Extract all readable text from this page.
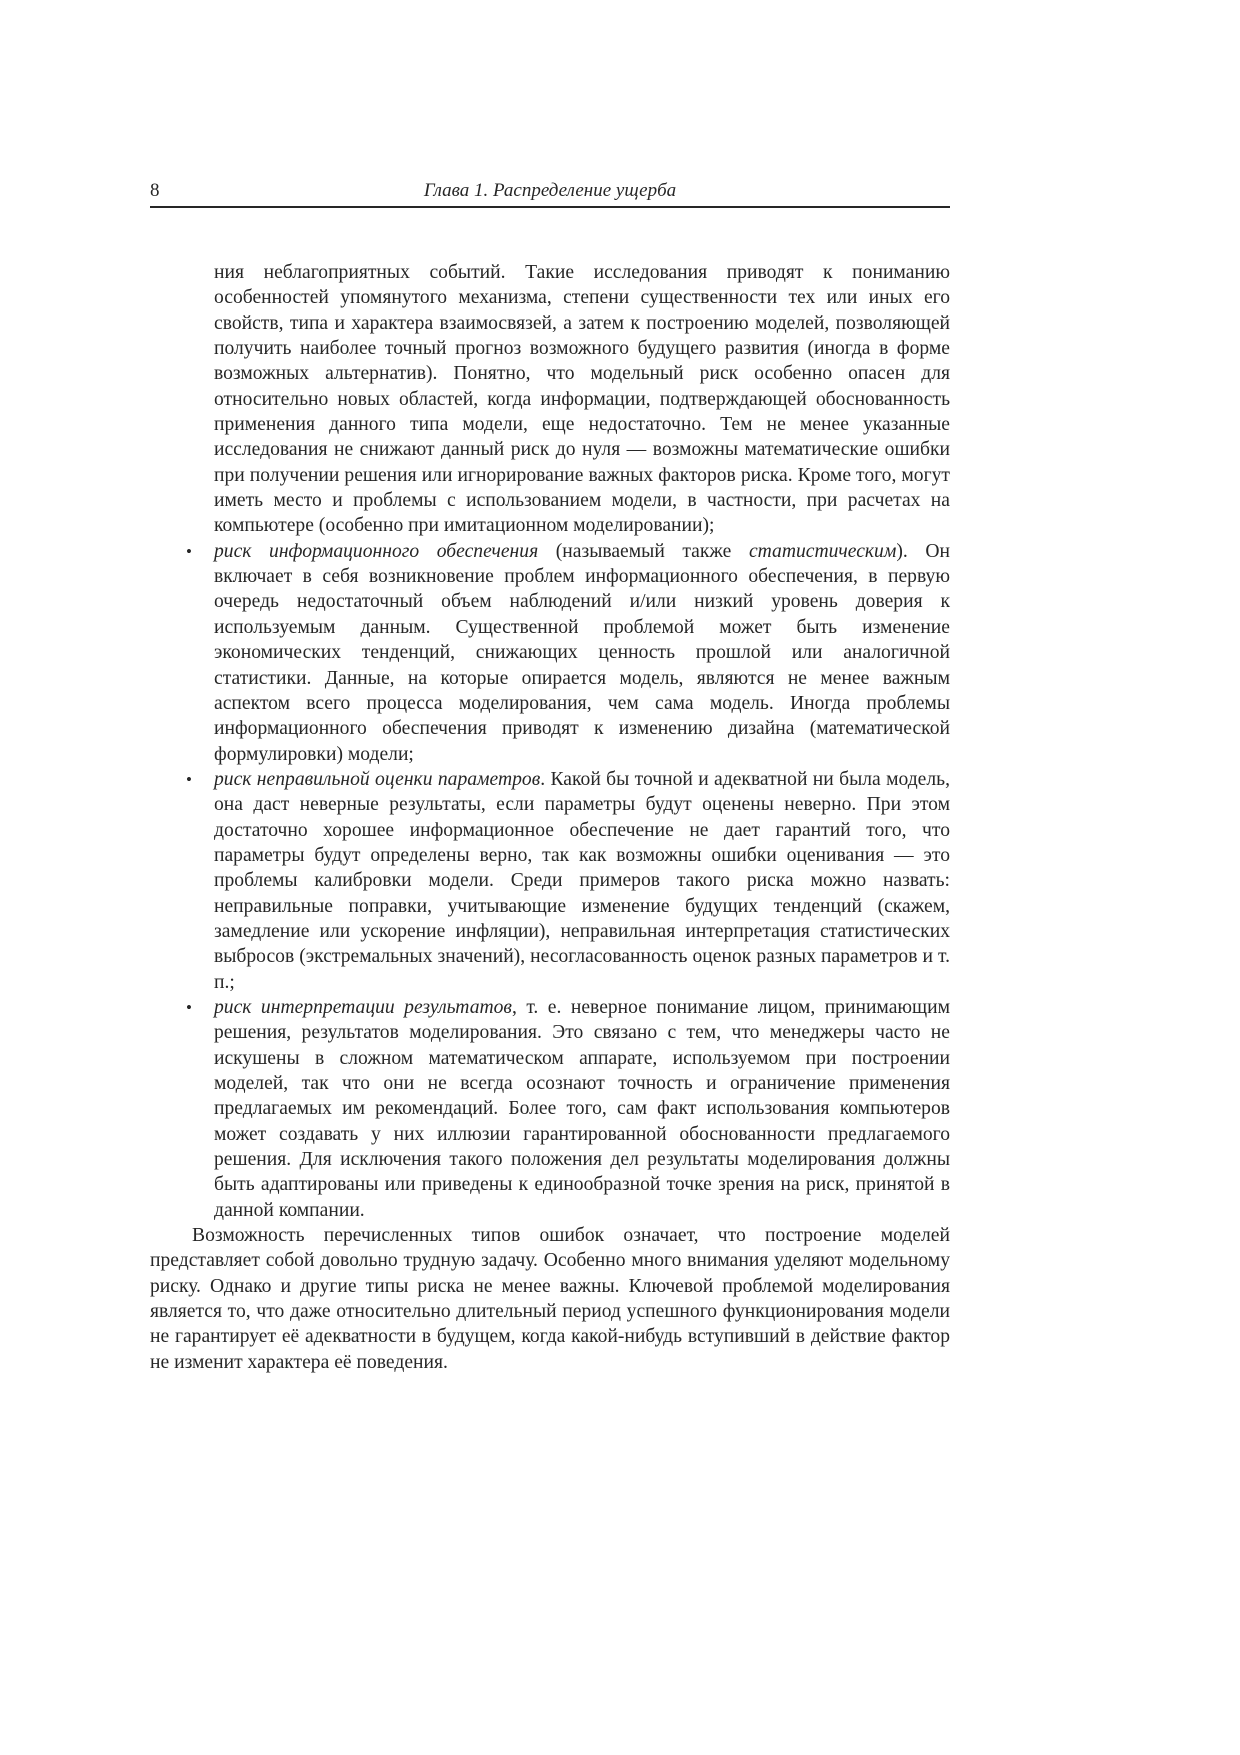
8	Глава 1. Распределение ущерба

ния неблагоприятных событий. Такие исследования приводят к пониманию особенностей упомянутого механизма, степени существенности тех или иных его свойств, типа и характера взаимосвязей, а затем к построению моделей, позволяющей получить наиболее точный прогноз возможного будущего развития (иногда в форме возможных альтернатив). Понятно, что модельный риск особенно опасен для относительно новых областей, когда информации, подтверждающей обоснованность применения данного типа модели, еще недостаточно. Тем не менее указанные исследования не снижают данный риск до нуля — возможны математические ошибки при получении решения или игнорирование важных факторов риска. Кроме того, могут иметь место и проблемы с использованием модели, в частности, при расчетах на компьютере (особенно при имитационном моделировании);

• риск информационного обеспечения (называемый также статистическим). Он включает в себя возникновение проблем информационного обеспечения, в первую очередь недостаточный объем наблюдений и/или низкий уровень доверия к используемым данным. Существенной проблемой может быть изменение экономических тенденций, снижающих ценность прошлой или аналогичной статистики. Данные, на которые опирается модель, являются не менее важным аспектом всего процесса моделирования, чем сама модель. Иногда проблемы информационного обеспечения приводят к изменению дизайна (математической формулировки) модели;
• риск неправильной оценки параметров. Какой бы точной и адекватной ни была модель, она даст неверные результаты, если параметры будут оценены неверно. При этом достаточно хорошее информационное обеспечение не дает гарантий того, что параметры будут определены верно, так как возможны ошибки оценивания — это проблемы калибровки модели. Среди примеров такого риска можно назвать: неправильные поправки, учитывающие изменение будущих тенденций (скажем, замедление или ускорение инфляции), неправильная интерпретация статистических выбросов (экстремальных значений), несогласованность оценок разных параметров и т. п.;
• риск интерпретации результатов, т. е. неверное понимание лицом, принимающим решения, результатов моделирования. Это связано с тем, что менеджеры часто не искушены в сложном математическом аппарате, используемом при построении моделей, так что они не всегда осознают точность и ограничение применения предлагаемых им рекомендаций. Более того, сам факт использования компьютеров может создавать у них иллюзии гарантированной обоснованности предлагаемого решения. Для исключения такого положения дел результаты моделирования должны быть адаптированы или приведены к единообразной точке зрения на риск, принятой в данной компании.

Возможность перечисленных типов ошибок означает, что построение моделей представляет собой довольно трудную задачу. Особенно много внимания уделяют модельному риску. Однако и другие типы риска не менее важны. Ключевой проблемой моделирования является то, что даже относительно длительный период успешного функционирования модели не гарантирует её адекватности в будущем, когда какой-нибудь вступивший в действие фактор не изменит характера её поведения.
